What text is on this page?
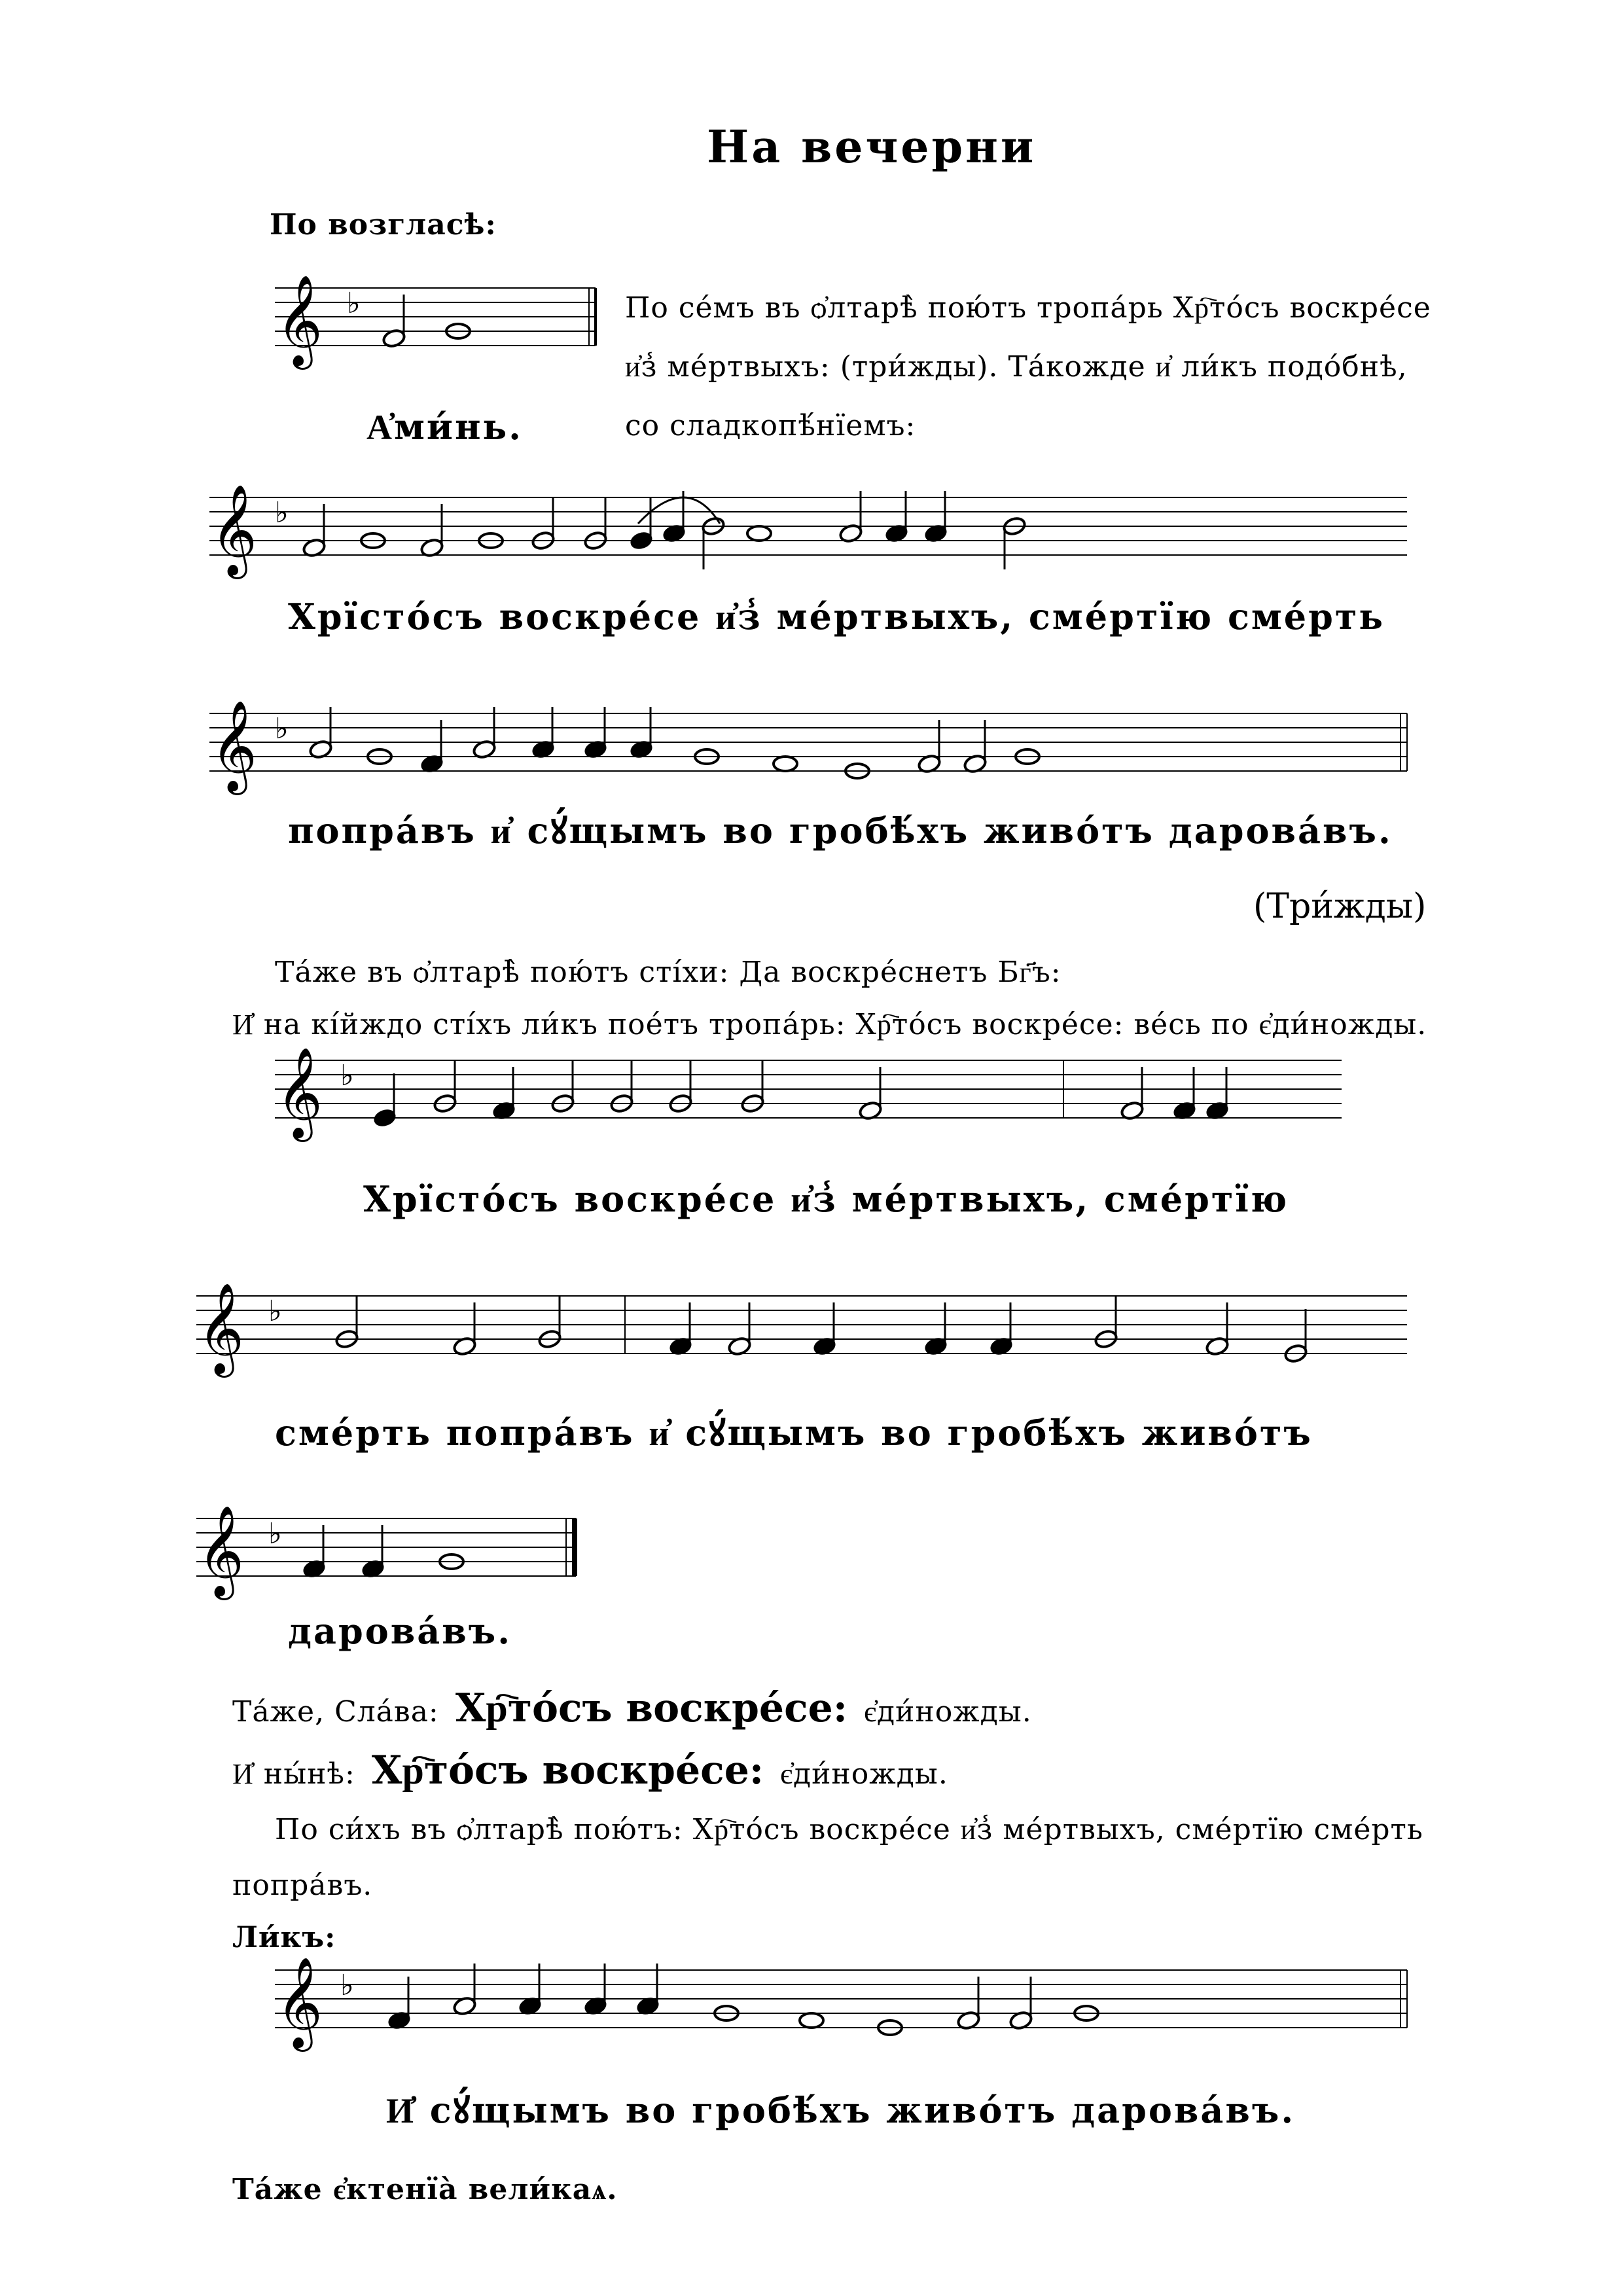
На вечерни
По возгласѣ:
𝄞 ♭
А҆ми́нь.
По се́мъ въ ѻ҆лтарѣ̀ пою́тъ тропа́рь Хр҇то́съ воскре́се
и҆з̾ ме́ртвыхъ: (три́жды). Та́кожде и҆ ли́къ подо́бнѣ,
со сладкопѣ́нїемъ:
𝄞 ♭
Хрїсто́съ воскре́се и҆з̾ ме́ртвыхъ, сме́ртїю сме́рть
𝄞 ♭
попра́въ и҆ сꙋ́щымъ во гробѣ́хъ живо́тъ дарова́въ.
(Три́жды)
Та́же въ ѻ҆лтарѣ̀ пою́тъ сті́хи: Да воскре́снетъ Бг҃ъ:
И҆ на кі́йждо сті́хъ ли́къ пое́тъ тропа́рь: Хр҇то́съ воскре́се: ве́сь по є҆ди́ножды.
𝄞 ♭
Хрїсто́съ воскре́се и҆з̾ ме́ртвыхъ, сме́ртїю
𝄞 ♭
сме́рть попра́въ и҆ сꙋ́щымъ во гробѣ́хъ живо́тъ
𝄞 ♭
дарова́въ.
Та́же, Сла́ва: Хр҇то́съ воскре́се: є҆ди́ножды.
И҆ ны́нѣ: Хр҇то́съ воскре́се: є҆ди́ножды.
По си́хъ въ ѻ҆лтарѣ̀ пою́тъ: Хр҇то́съ воскре́се и҆з̾ ме́ртвыхъ, сме́ртїю сме́рть
попра́въ.
Ли́къ:
𝄞 ♭
И҆ сꙋ́щымъ во гробѣ́хъ живо́тъ дарова́въ.
Та́же є҆ктенїа̀ вели́каѧ.
